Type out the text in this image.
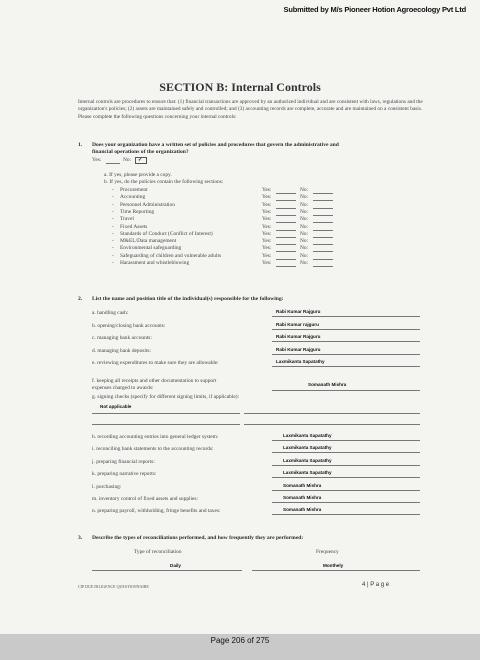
Submitted by M/s Pioneer Hotion Agroecology Pvt Ltd
SECTION B: Internal Controls
Internal controls are procedures to ensure that: (1) financial transactions are approved by an authorized individual and are consistent with laws, regulations and the organization's policies; (2) assets are maintained safely and controlled; and (3) accounting records are complete, accurate and are maintained on a consistent basis. Please complete the following questions concerning your internal controls:
1. Does your organization have a written set of policies and procedures that govern the administrative and
financial operations of the organization?
Yes:	No: ✓
a. If yes, please provide a copy.
b. If yes, do the policies contain the following sections:
- Procurement	Yes:	No:
- Accounting	Yes:	No:
- Personnel Administration	Yes:	No:
- Time Reporting	Yes:	No:
- Travel	Yes:	No:
- Fixed Assets	Yes:	No:
- Standards of Conduct (Conflict of Interest)	Yes:	No:
- M&EL/Data management	Yes:	No:
- Environmental safeguarding	Yes:	No:
- Safeguarding of children and vulnerable adults	Yes:	No:
- Harassment and whistleblowing	Yes:	No:
2. List the name and position title of the individual(s) responsible for the following:
a. handling cash:	Rabi Kumar Rajguru
b. opening/closing bank accounts:	Rabi Kumar rajguru
c. managing bank accounts:	Rabi Kumar Rajguru
d. managing bank deposits:	Rabi Kumar Rajguru
e. reviewing expenditures to make sure they are allowable:	Laxmikanta Sapatathy
f. keeping all receipts and other documentation to support
expenses charged to awards:
Somanath Mishra
g. signing checks (specify for different signing limits, if applicable):
Not applicable
h. recording accounting entries into general ledger system:	Laxmikanta Sapatathy
i. reconciling bank statements to the accounting records:	Laxmikanta Sapatathy
j. preparing financial reports:	Laxmikanta Sapatathy
k. preparing narrative reports:	Laxmikanta Sapatathy
l. purchasing:	Somanath Mishra
m. inventory control of fixed assets and supplies:	Somanath Mishra
n. preparing payroll, withholding, fringe benefits and taxes:	Somanath Mishra
3. Describe the types of reconciliations performed, and how frequently they are performed:
Type of reconciliation	Frequency
Daily	Monthely
CIP DUE DILIGENCE QUESTIONNAIRE	4 | P a g e
Page 206 of 275
